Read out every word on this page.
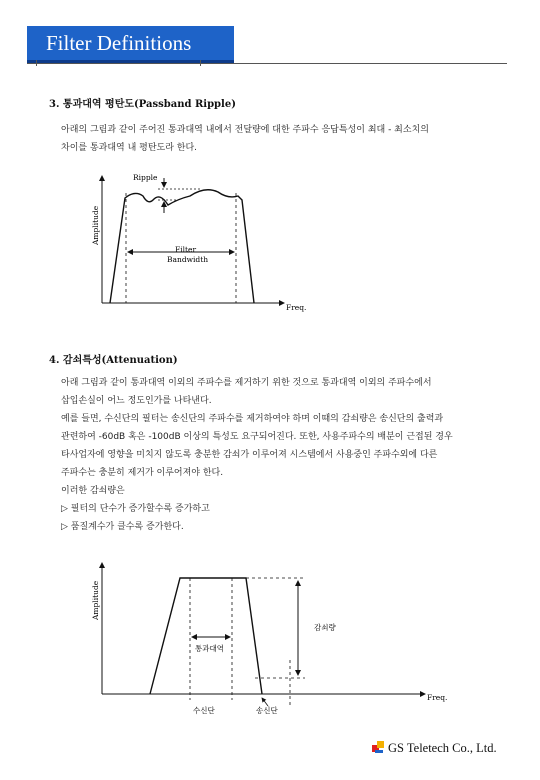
Filter Definitions
3. 통과대역 평탄도(Passband Ripple)
아래의 그림과 같이 주어진 통과대역 내에서 전달량에 대한 주파수 응답특성이 최대 - 최소치의
차이를 통과대역 내 평탄도라 한다.
Ripple
Amplitude
Filter
Bandwidth
Freq.
Amplitude
감쇠량
통과대역
Freq.
수신단	송신단
4. 감쇠특성(Attenuation)
아래 그림과 같이 통과대역 이외의 주파수를 제거하기 위한 것으로 통과대역 이외의 주파수에서
삽입손실이 어느 정도인가를 나타낸다.
예를 들면, 수신단의 필터는 송신단의 주파수를 제거하여야 하며 이때의 감쇠량은 송신단의 출력과
관련하여 -60dB 혹은 -100dB 이상의 특성도 요구되어진다. 또한, 사용주파수의 배분이 근접된 경우
타사업자에 영향을 미치지 않도록 충분한 감쇠가 이루어져 시스템에서 사용중인 주파수외에 다른
주파수는 충분히 제거가 이루어져야 한다.
이러한 감쇠량은
▷ 필터의 단수가 증가할수록 증가하고
▷ 품질계수가 클수록 증가한다.
GS Teletech Co., Ltd.
